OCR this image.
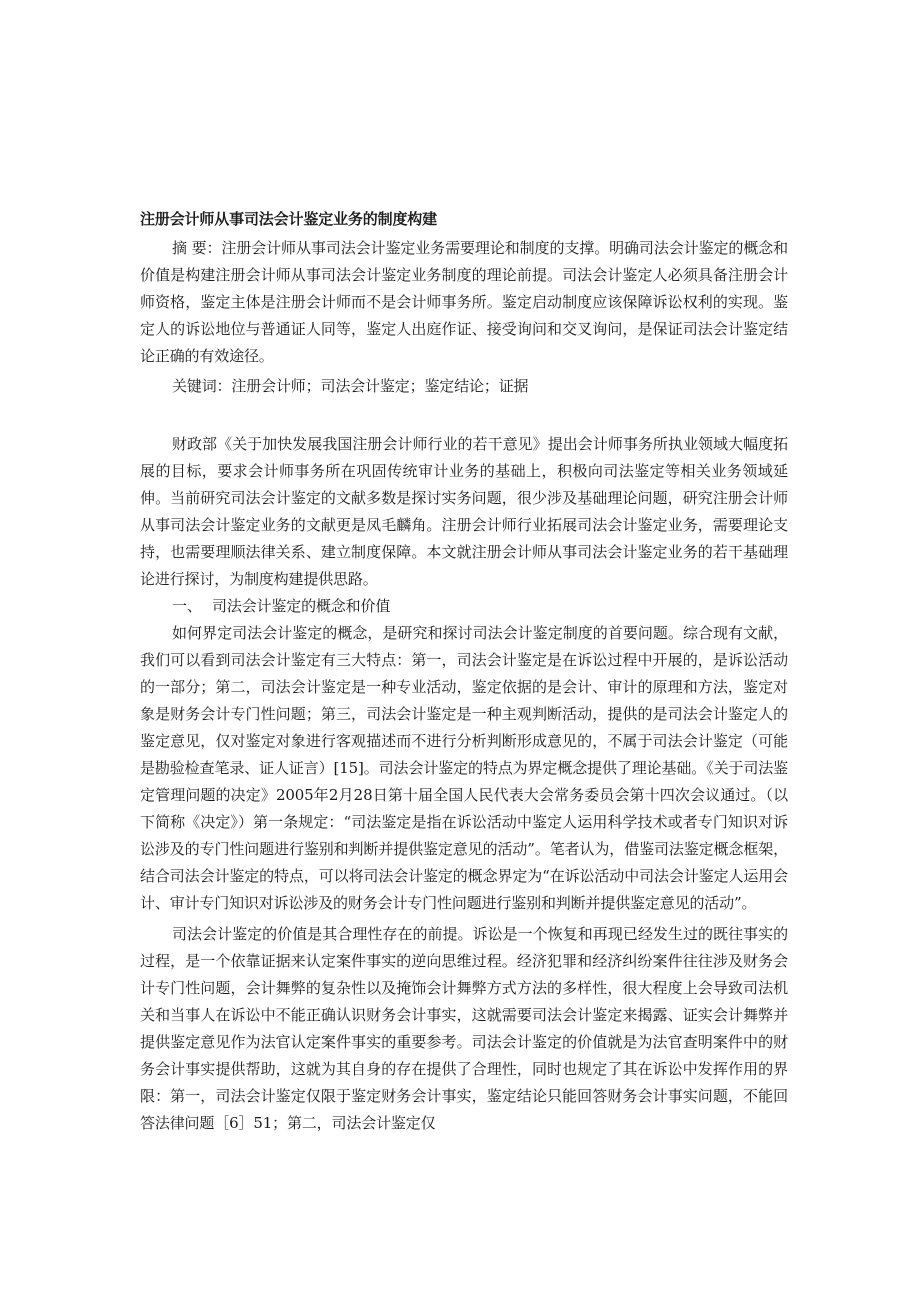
注册会计师从事司法会计鉴定业务的制度构建

摘 要：注册会计师从事司法会计鉴定业务需要理论和制度的支撑。明确司法会计鉴定的概念和价值是构建注册会计师从事司法会计鉴定业务制度的理论前提。司法会计鉴定人必须具备注册会计师资格，鉴定主体是注册会计师而不是会计师事务所。鉴定启动制度应该保障诉讼权利的实现。鉴定人的诉讼地位与普通证人同等，鉴定人出庭作证、接受询问和交叉询问，是保证司法会计鉴定结论正确的有效途径。

关键词：注册会计师；司法会计鉴定；鉴定结论；证据

财政部《关于加快发展我国注册会计师行业的若干意见》提出会计师事务所执业领域大幅度拓展的目标，要求会计师事务所在巩固传统审计业务的基础上，积极向司法鉴定等相关业务领域延伸。当前研究司法会计鉴定的文献多数是探讨实务问题，很少涉及基础理论问题，研究注册会计师从事司法会计鉴定业务的文献更是凤毛麟角。注册会计师行业拓展司法会计鉴定业务，需要理论支持，也需要理顺法律关系、建立制度保障。本文就注册会计师从事司法会计鉴定业务的若干基础理论进行探讨，为制度构建提供思路。

一、 司法会计鉴定的概念和价值

如何界定司法会计鉴定的概念，是研究和探讨司法会计鉴定制度的首要问题。综合现有文献，我们可以看到司法会计鉴定有三大特点：第一，司法会计鉴定是在诉讼过程中开展的，是诉讼活动的一部分；第二，司法会计鉴定是一种专业活动，鉴定依据的是会计、审计的原理和方法，鉴定对象是财务会计专门性问题；第三，司法会计鉴定是一种主观判断活动，提供的是司法会计鉴定人的鉴定意见，仅对鉴定对象进行客观描述而不进行分析判断形成意见的，不属于司法会计鉴定（可能是勘验检查笔录、证人证言）[15]。司法会计鉴定的特点为界定概念提供了理论基础。《关于司法鉴定管理问题的决定》2005年2月28日第十届全国人民代表大会常务委员会第十四次会议通过。（以下简称《决定》）第一条规定：“司法鉴定是指在诉讼活动中鉴定人运用科学技术或者专门知识对诉讼涉及的专门性问题进行鉴别和判断并提供鉴定意见的活动”。笔者认为，借鉴司法鉴定概念框架，结合司法会计鉴定的特点，可以将司法会计鉴定的概念界定为“在诉讼活动中司法会计鉴定人运用会计、审计专门知识对诉讼涉及的财务会计专门性问题进行鉴别和判断并提供鉴定意见的活动”。

司法会计鉴定的价值是其合理性存在的前提。诉讼是一个恢复和再现已经发生过的既往事实的过程，是一个依靠证据来认定案件事实的逆向思维过程。经济犯罪和经济纠纷案件往往涉及财务会计专门性问题，会计舞弊的复杂性以及掩饰会计舞弊方式方法的多样性，很大程度上会导致司法机关和当事人在诉讼中不能正确认识财务会计事实，这就需要司法会计鉴定来揭露、证实会计舞弊并提供鉴定意见作为法官认定案件事实的重要参考。司法会计鉴定的价值就是为法官查明案件中的财务会计事实提供帮助，这就为其自身的存在提供了合理性，同时也规定了其在诉讼中发挥作用的界限：第一，司法会计鉴定仅限于鉴定财务会计事实，鉴定结论只能回答财务会计事实问题，不能回答法律问题［6］51；第二，司法会计鉴定仅
